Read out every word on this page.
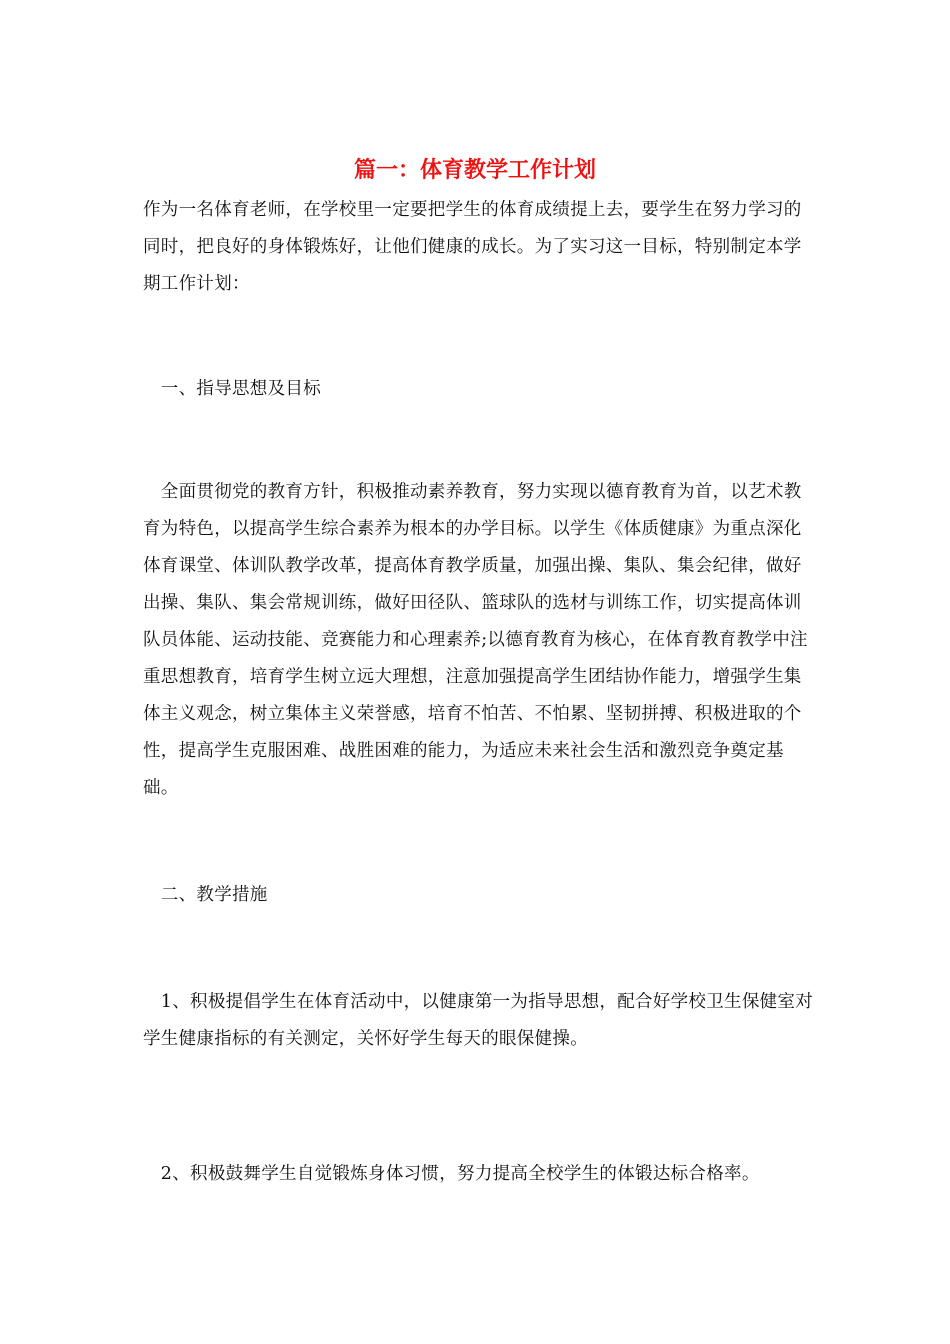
篇一：体育教学工作计划

作为一名体育老师，在学校里一定要把学生的体育成绩提上去，要学生在努力学习的同时，把良好的身体锻炼好，让他们健康的成长。为了实习这一目标，特别制定本学期工作计划：

　一、指导思想及目标

　全面贯彻党的教育方针，积极推动素养教育，努力实现以德育教育为首，以艺术教育为特色，以提高学生综合素养为根本的办学目标。以学生《体质健康》为重点深化体育课堂、体训队教学改革，提高体育教学质量，加强出操、集队、集会纪律，做好出操、集队、集会常规训练，做好田径队、篮球队的选材与训练工作，切实提高体训队员体能、运动技能、竞赛能力和心理素养;以德育教育为核心，在体育教育教学中注重思想教育，培育学生树立远大理想，注意加强提高学生团结协作能力，增强学生集体主义观念，树立集体主义荣誉感，培育不怕苦、不怕累、坚韧拼搏、积极进取的个性，提高学生克服困难、战胜困难的能力，为适应未来社会生活和激烈竞争奠定基础。

　二、教学措施

　1、积极提倡学生在体育活动中，以健康第一为指导思想，配合好学校卫生保健室对学生健康指标的有关测定，关怀好学生每天的眼保健操。

　2、积极鼓舞学生自觉锻炼身体习惯，努力提高全校学生的体锻达标合格率。
